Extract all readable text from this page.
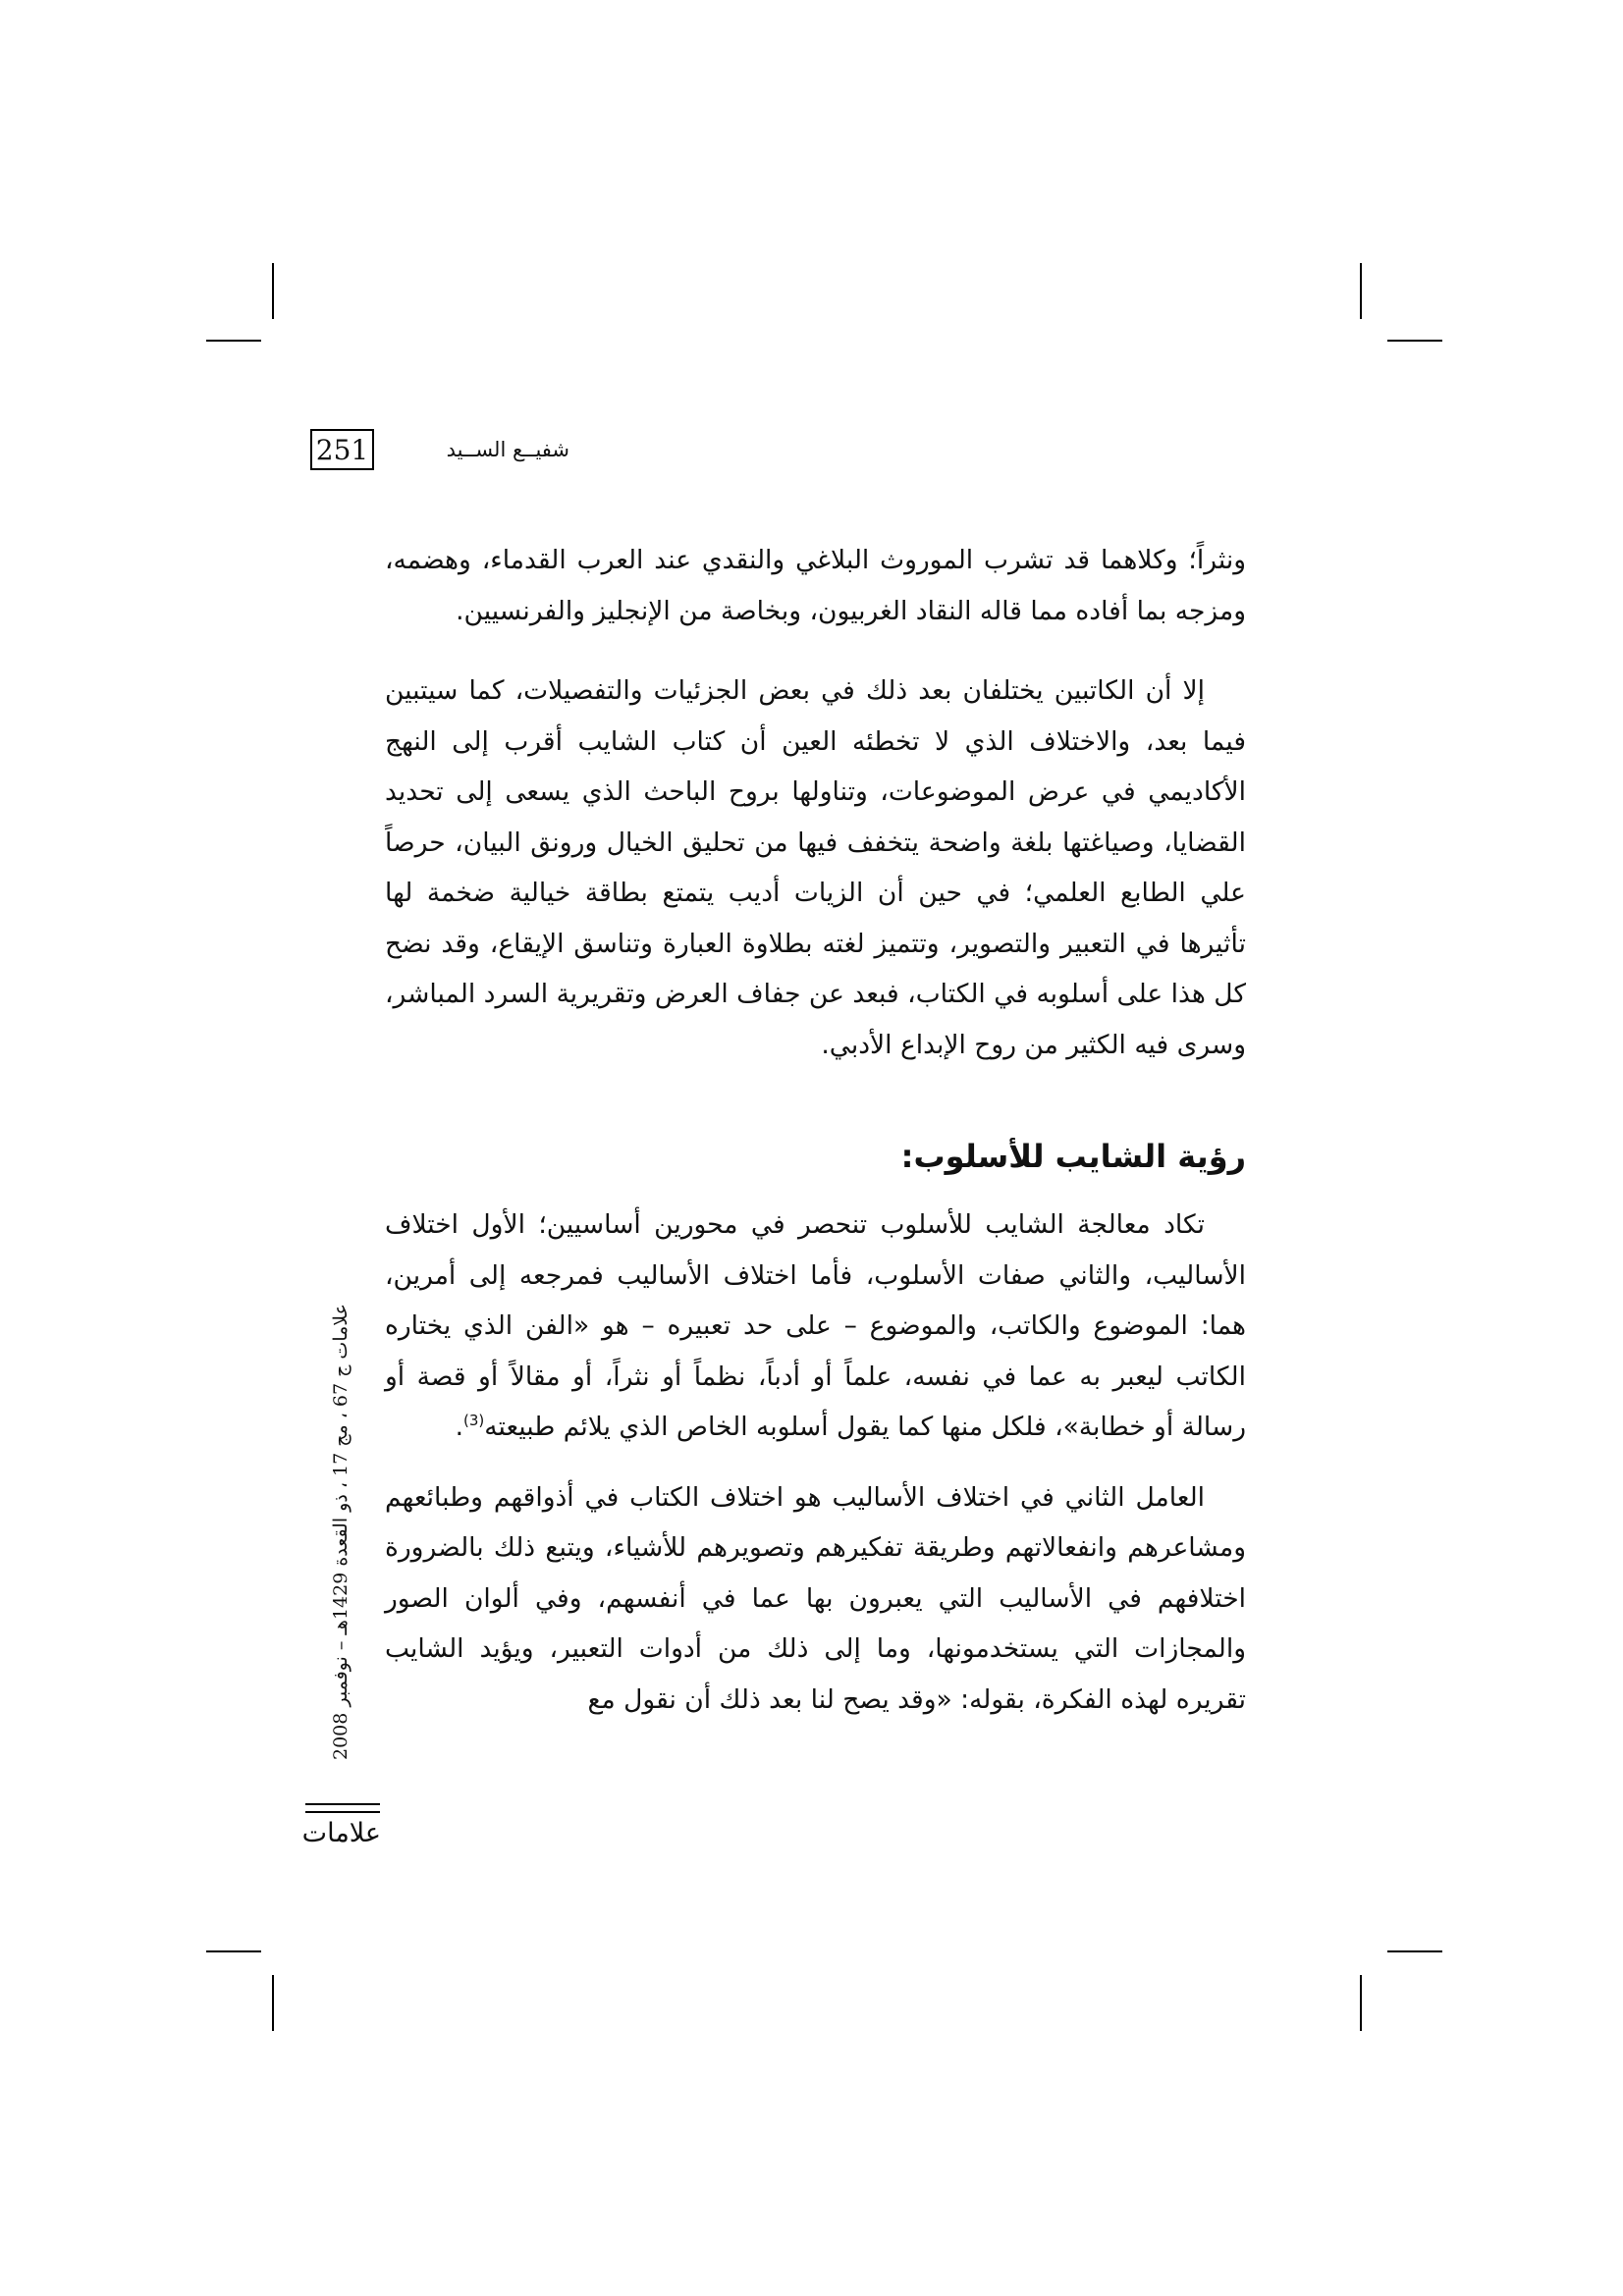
251	شفيــع الســيد

ونثراً؛ وكلاهما قد تشرب الموروث البلاغي والنقدي عند العرب القدماء، وهضمه، ومزجه بما أفاده مما قاله النقاد الغربيون، وبخاصة من الإنجليز والفرنسيين.

إلا أن الكاتبين يختلفان بعد ذلك في بعض الجزئيات والتفصيلات، كما سيتبين فيما بعد، والاختلاف الذي لا تخطئه العين أن كتاب الشايب أقرب إلى النهج الأكاديمي في عرض الموضوعات، وتناولها بروح الباحث الذي يسعى إلى تحديد القضايا، وصياغتها بلغة واضحة يتخفف فيها من تحليق الخيال ورونق البيان، حرصاً علي الطابع العلمي؛ في حين أن الزيات أديب يتمتع بطاقة خيالية ضخمة لها تأثيرها في التعبير والتصوير، وتتميز لغته بطلاوة العبارة وتناسق الإيقاع، وقد نضح كل هذا على أسلوبه في الكتاب، فبعد عن جفاف العرض وتقريرية السرد المباشر، وسرى فيه الكثير من روح الإبداع الأدبي.

رؤية الشايب للأسلوب:

تكاد معالجة الشايب للأسلوب تنحصر في محورين أساسيين؛ الأول اختلاف الأساليب، والثاني صفات الأسلوب، فأما اختلاف الأساليب فمرجعه إلى أمرين، هما: الموضوع والكاتب، والموضوع – على حد تعبيره – هو «الفن الذي يختاره الكاتب ليعبر به عما في نفسه، علماً أو أدباً، نظماً أو نثراً، أو مقالاً أو قصة أو رسالة أو خطابة»، فلكل منها كما يقول أسلوبه الخاص الذي يلائم طبيعته$^{(3)}$.

العامل الثاني في اختلاف الأساليب هو اختلاف الكتاب في أذواقهم وطبائعهم ومشاعرهم وانفعالاتهم وطريقة تفكيرهم وتصويرهم للأشياء، ويتبع ذلك بالضرورة اختلافهم في الأساليب التي يعبرون بها عما في أنفسهم، وفي ألوان الصور والمجازات التي يستخدمونها، وما إلى ذلك من أدوات التعبير، ويؤيد الشايب تقريره لهذه الفكرة، بقوله: «وقد يصح لنا بعد ذلك أن نقول مع

علامات ج 67 ، مج 17 ، ذو القعدة 1429هـ – نوفمبر 2008
علامات
